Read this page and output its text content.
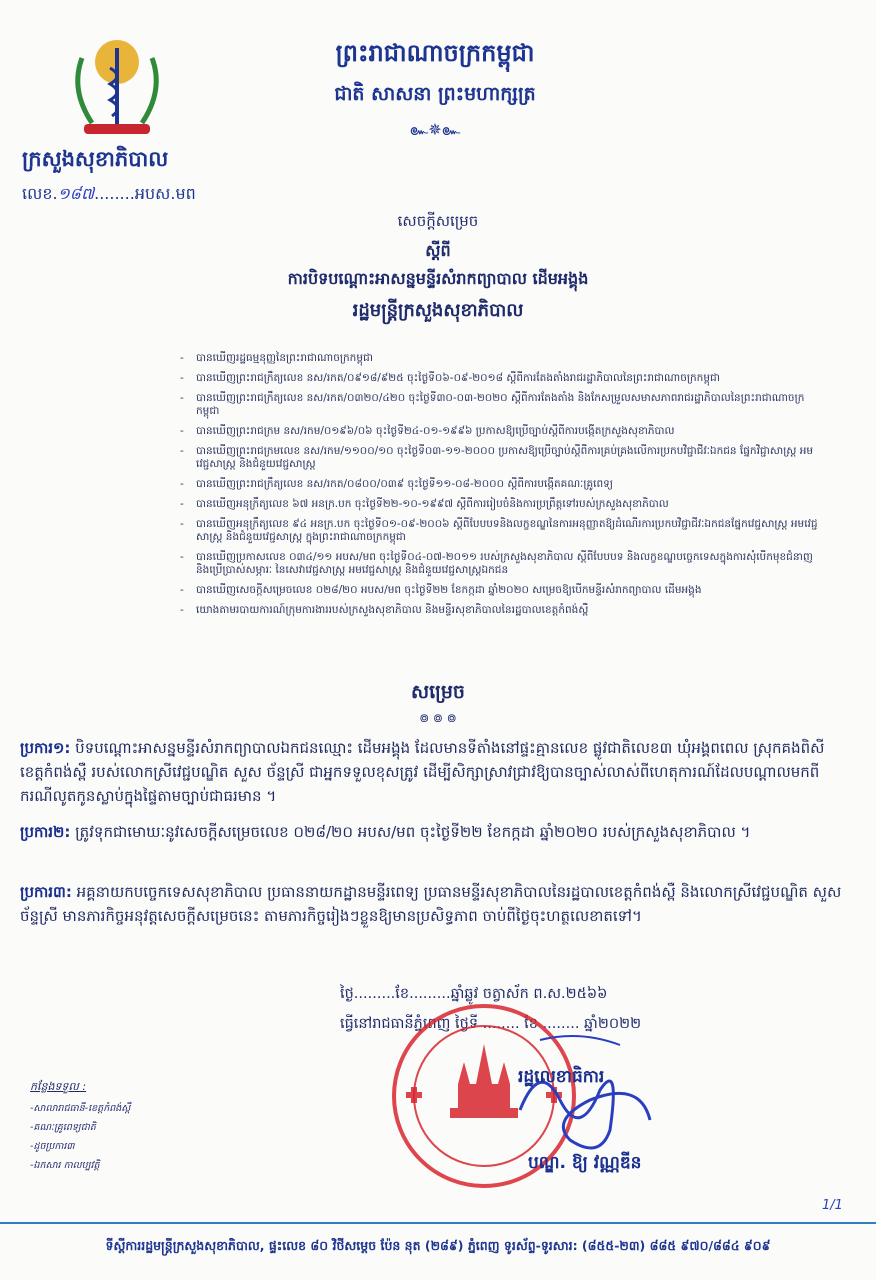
ក្រសួងសុខាភិបាល
លេខ.១៨៧........អបស.មព
ព្រះរាជាណាចក្រកម្ពុជា
ជាតិ សាសនា ព្រះមហាក្សត្រ
๛✵๛
សេចក្តីសម្រេច
ស្តីពី
ការបិទបណ្តោះអាសន្នមន្ទីរសំរាកព្យាបាល ដើមអង្គុង
រដ្ឋមន្ត្រីក្រសួងសុខាភិបាល
- បានឃើញរដ្ឋធម្មនុញ្ញនៃព្រះរាជាណាចក្រកម្ពុជា
- បានឃើញព្រះរាជក្រឹត្យលេខ នស/រកត/០៩១៨/៩២៥ ចុះថ្ងៃទី០៦-០៩-២០១៨ ស្តីពីការតែងតាំងរាជរដ្ឋាភិបាលនៃព្រះរាជាណាចក្រកម្ពុជា
- បានឃើញព្រះរាជក្រឹត្យលេខ នស/រកត/០៣២០/៤២០ ចុះថ្ងៃទី៣០-០៣-២០២០ ស្តីពីការតែងតាំង និងកែសម្រួលសមាសភាពរាជរដ្ឋាភិបាលនៃព្រះរាជាណាចក្រកម្ពុជា
- បានឃើញព្រះរាជក្រម នស/រកម/០១៩៦/០៦ ចុះថ្ងៃទី២៤-០១-១៩៩៦ ប្រកាសឱ្យប្រើច្បាប់ស្តីពីការបង្កើតក្រសួងសុខាភិបាល
- បានឃើញព្រះរាជក្រមលេខ នស/រកម/១១០០/១០ ចុះថ្ងៃទី០៣-១១-២០០០ ប្រកាសឱ្យប្រើច្បាប់ស្តីពីការគ្រប់គ្រងលើការប្រកបវិជ្ជាជីវៈឯកជន ផ្នែកវិជ្ជាសាស្ត្រ អមវេជ្ជសាស្ត្រ និងជំនួយវេជ្ជសាស្ត្រ
- បានឃើញព្រះរាជក្រឹត្យលេខ នស/រកត/០៨០០/០៣៩ ចុះថ្ងៃទី១១-០៨-២០០០ ស្តីពីការបង្កើតគណៈគ្រូពេទ្យ
- បានឃើញអនុក្រឹត្យលេខ ៦៧ អនក្រ.បក ចុះថ្ងៃទី២២-១០-១៩៩៧ ស្តីពីការរៀបចំនិងការប្រព្រឹត្តទៅរបស់ក្រសួងសុខាភិបាល
- បានឃើញអនុក្រឹត្យលេខ ៩៤ អនក្រ.បក ចុះថ្ងៃទី០១-០៩-២០០៦ ស្តីពីបែបបទនិងលក្ខខណ្ឌនៃការអនុញ្ញាតឱ្យដំណើរការប្រកបវិជ្ជាជីវៈឯកជនផ្នែកវេជ្ជសាស្ត្រ អមវេជ្ជសាស្ត្រ និងជំនួយវេជ្ជសាស្ត្រ ក្នុងព្រះរាជាណាចក្រកម្ពុជា
- បានឃើញប្រកាសលេខ ០៣៤/១១ អបស/មព ចុះថ្ងៃទី០៤-០៧-២០១១ របស់ក្រសួងសុខាភិបាល ស្តីពីបែបបទ និងលក្ខខណ្ឌបច្ចេកទេសក្នុងការសុំបើកមុខជំនាញ និងប្រើប្រាស់សម្ភារៈ នៃសេវាវេជ្ជសាស្ត្រ អមវេជ្ជសាស្ត្រ និងជំនួយវេជ្ជសាស្ត្រឯកជន
- បានឃើញសេចក្តីសម្រេចលេខ ០២៨/២០ អបស/មព ចុះថ្ងៃទី២២ ខែកក្កដា ឆ្នាំ២០២០ សម្រេចឱ្យបើកមន្ទីរសំរាកព្យាបាល ដើមអង្គុង
- យោងតាមរបាយការណ៍ក្រុមការងាររបស់ក្រសួងសុខាភិបាល និងមន្ទីរសុខាភិបាលនៃរដ្ឋបាលខេត្តកំពង់ស្ពឺ
សម្រេច
៙ ៙ ៙
ប្រការ១: បិទបណ្តោះអាសន្នមន្ទីរសំរាកព្យាបាលឯកជនឈ្មោះ ដើមអង្គុង ដែលមានទីតាំងនៅផ្ទះគ្មានលេខ ផ្លូវជាតិលេខ៣ ឃុំអង្គពពេល ស្រុកគងពិសី ខេត្តកំពង់ស្ពឺ របស់លោកស្រីវេជ្ជបណ្ឌិត សួស ច័ន្ទស្រី ជាអ្នកទទួលខុសត្រូវ ដើម្បីសិក្សាស្រាវជ្រាវឱ្យបានច្បាស់លាស់ពីហេតុការណ៍ដែលបណ្តាលមកពីករណីលូតកូនស្លាប់ក្នុងផ្ទៃតាមច្បាប់ជាធរមាន ។
ប្រការ២: ត្រូវទុកជាមោឃៈនូវសេចក្តីសម្រេចលេខ ០២៨/២០ អបស/មព ចុះថ្ងៃទី២២ ខែកក្កដា ឆ្នាំ២០២០ របស់ក្រសួងសុខាភិបាល ។
ប្រការ៣: អគ្គនាយកបច្ចេកទេសសុខាភិបាល ប្រធាននាយកដ្ឋានមន្ទីរពេទ្យ ប្រធានមន្ទីរសុខាភិបាលនៃរដ្ឋបាលខេត្តកំពង់ស្ពឺ និងលោកស្រីវេជ្ជបណ្ឌិត សួស ច័ន្ទស្រី មានភារកិច្ចអនុវត្តសេចក្តីសម្រេចនេះ តាមភារកិច្ចរៀងៗខ្លួនឱ្យមានប្រសិទ្ធភាព ចាប់ពីថ្ងៃចុះហត្ថលេខាតទៅ។
ថ្ងៃ.........ខែ.........ឆ្នាំឆ្លូវ ចត្វាស័ក ព.ស.២៥៦៦
ធ្វើនៅរាជធានីភ្នំពេញ ថ្ងៃទី ........ ខែ ........ ឆ្នាំ២០២២
រដ្ឋលេខាធិការ
បណ្ឌ. ឱ្យ វណ្ណឌីន
កន្លែងទទួល :
-សាលារាជធានី-ខេត្តកំពង់ស្ពឺ
-គណៈគ្រូពេទ្យជាតិ
-ដូចប្រការ៣
-ឯកសារ កាលប្បវត្តិ
1/1
ទីស្តីការរដ្ឋមន្ត្រីក្រសួងសុខាភិបាល, ផ្ទះលេខ ៨០ វិថីសម្តេច ប៉ែន នុត (២៨៩) ភ្នំពេញ ទូរស័ព្ទ-ទូរសារ: (៨៥៥-២៣) ៨៨៥ ៩៧០/៨៨៤ ៩០៩
